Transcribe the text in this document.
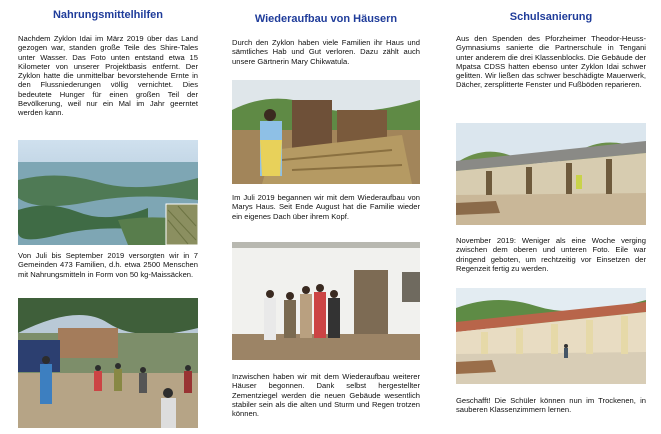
Nahrungsmittelhilfen

Nachdem Zyklon Idai im März 2019 über das Land gezogen war, standen große Teile des Shire-Tales unter Wasser. Das Foto unten entstand etwa 15 Kilometer von unserer Projektbasis entfernt. Der Zyklon hatte die unmittelbar bevorstehende Ernte in den Flussniederungen völlig vernichtet. Dies bedeutete Hunger für einen großen Teil der Bevölkerung, weil nur ein Mal im Jahr geerntet werden kann.

Von Juli bis September 2019 versorgten wir in 7 Gemeinden 473 Familien, d.h. etwa 2500 Menschen mit Nahrungsmitteln in Form von 50 kg-Maissäcken.

Wiederaufbau von Häusern

Durch den Zyklon haben viele Familien ihr Haus und sämtliches Hab und Gut verloren. Dazu zählt auch unsere Gärtnerin Mary Chikwatula.

Im Juli 2019 begannen wir mit dem Wiederaufbau von Marys Haus. Seit Ende August hat die Familie wieder ein eigenes Dach über ihrem Kopf.

Inzwischen haben wir mit dem Wiederaufbau weiterer Häuser begonnen. Dank selbst hergestellter Zementziegel werden die neuen Gebäude wesentlich stabiler sein als die alten und Sturm und Regen trotzen können.

Schulsanierung

Aus den Spenden des Pforzheimer Theodor-Heuss-Gymnasiums sanierte die Partnerschule in Tengani unter anderem die drei Klassenblocks. Die Gebäude der Mpatsa CDSS hatten ebenso unter Zyklon Idai schwer gelitten. Wir ließen das schwer beschädigte Mauerwerk, Dächer, zersplitterte Fenster und Fußböden reparieren.

November 2019: Weniger als eine Woche verging zwischen dem oberen und unteren Foto. Eile war dringend geboten, um rechtzeitig vor Einsetzen der Regenzeit fertig zu werden.

Geschafft! Die Schüler können nun im Trockenen, in sauberen Klassenzimmern lernen.
